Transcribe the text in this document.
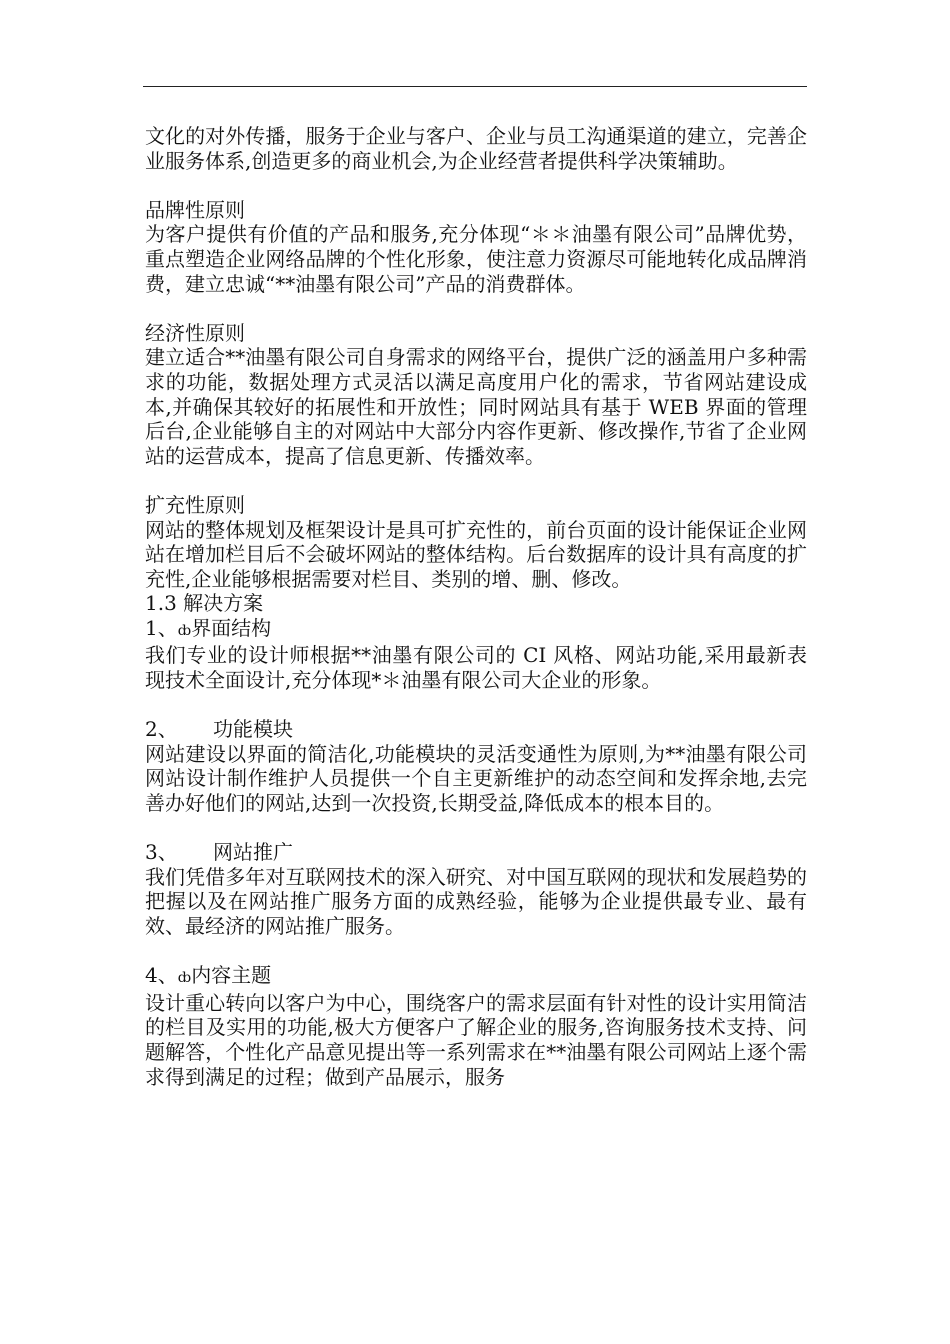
文化的对外传播，服务于企业与客户、企业与员工沟通渠道的建立，完善企业服务体系,创造更多的商业机会,为企业经营者提供科学决策辅助。

品牌性原则

为客户提供有价值的产品和服务,充分体现“＊＊油墨有限公司”品牌优势，重点塑造企业网络品牌的个性化形象，使注意力资源尽可能地转化成品牌消费，建立忠诚“**油墨有限公司”产品的消费群体。

经济性原则

建立适合**油墨有限公司自身需求的网络平台，提供广泛的涵盖用户多种需求的功能，数据处理方式灵活以满足高度用户化的需求，节省网站建设成本,并确保其较好的拓展性和开放性；同时网站具有基于 WEB 界面的管理后台,企业能够自主的对网站中大部分内容作更新、修改操作,节省了企业网站的运营成本，提高了信息更新、传播效率。

扩充性原则

网站的整体规划及框架设计是具可扩充性的，前台页面的设计能保证企业网站在增加栏目后不会破坏网站的整体结构。后台数据库的设计具有高度的扩充性,企业能够根据需要对栏目、类别的增、删、修改。

1.3 解决方案

1、ȸ界面结构

我们专业的设计师根据**油墨有限公司的 CI 风格、网站功能,采用最新表现技术全面设计,充分体现*＊油墨有限公司大企业的形象。

2、 功能模块

网站建设以界面的简洁化,功能模块的灵活变通性为原则,为**油墨有限公司网站设计制作维护人员提供一个自主更新维护的动态空间和发挥余地,去完善办好他们的网站,达到一次投资,长期受益,降低成本的根本目的。

3、 网站推广

我们凭借多年对互联网技术的深入研究、对中国互联网的现状和发展趋势的把握以及在网站推广服务方面的成熟经验，能够为企业提供最专业、最有效、最经济的网站推广服务。

4、ȸ内容主题

设计重心转向以客户为中心，围绕客户的需求层面有针对性的设计实用简洁的栏目及实用的功能,极大方便客户了解企业的服务,咨询服务技术支持、问题解答，个性化产品意见提出等一系列需求在**油墨有限公司网站上逐个需求得到满足的过程；做到产品展示，服务
